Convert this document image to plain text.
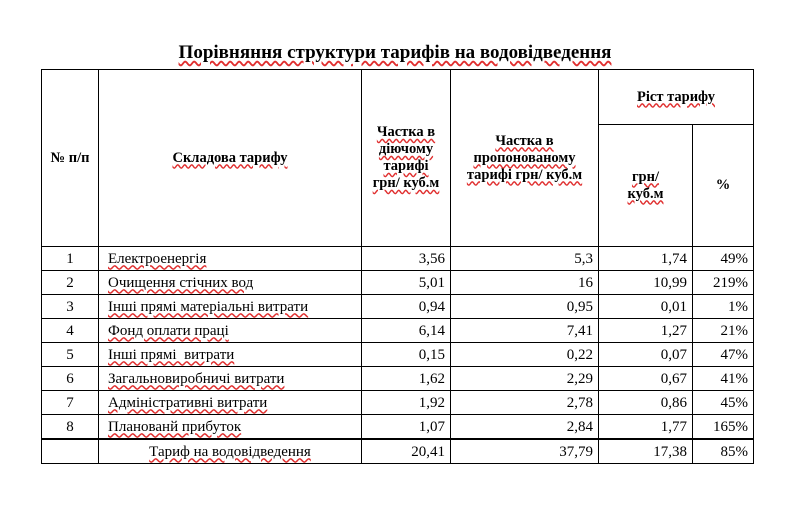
Порівняння структури тарифів на водовідведення
№ п/п	Складова тарифу	Частка в діючому тарифі грн/ куб.м	Частка в пропонованому тарифі грн/ куб.м	Ріст тарифу	
				грн/ куб.м	%
1	Електроенергія	3,56	5,3	1,74	49%
2	Очищення стічних вод	5,01	16	10,99	219%
3	Інші прямі матеріальні витрати	0,94	0,95	0,01	1%
4	Фонд оплати праці	6,14	7,41	1,27	21%
5	Інші прямі  витрати	0,15	0,22	0,07	47%
6	Загальновиробничі витрати	1,62	2,29	0,67	41%
7	Адміністративні витрати	1,92	2,78	0,86	45%
8	Планованй прибуток	1,07	2,84	1,77	165%
	Тариф на водовідведення	20,41	37,79	17,38	85%
